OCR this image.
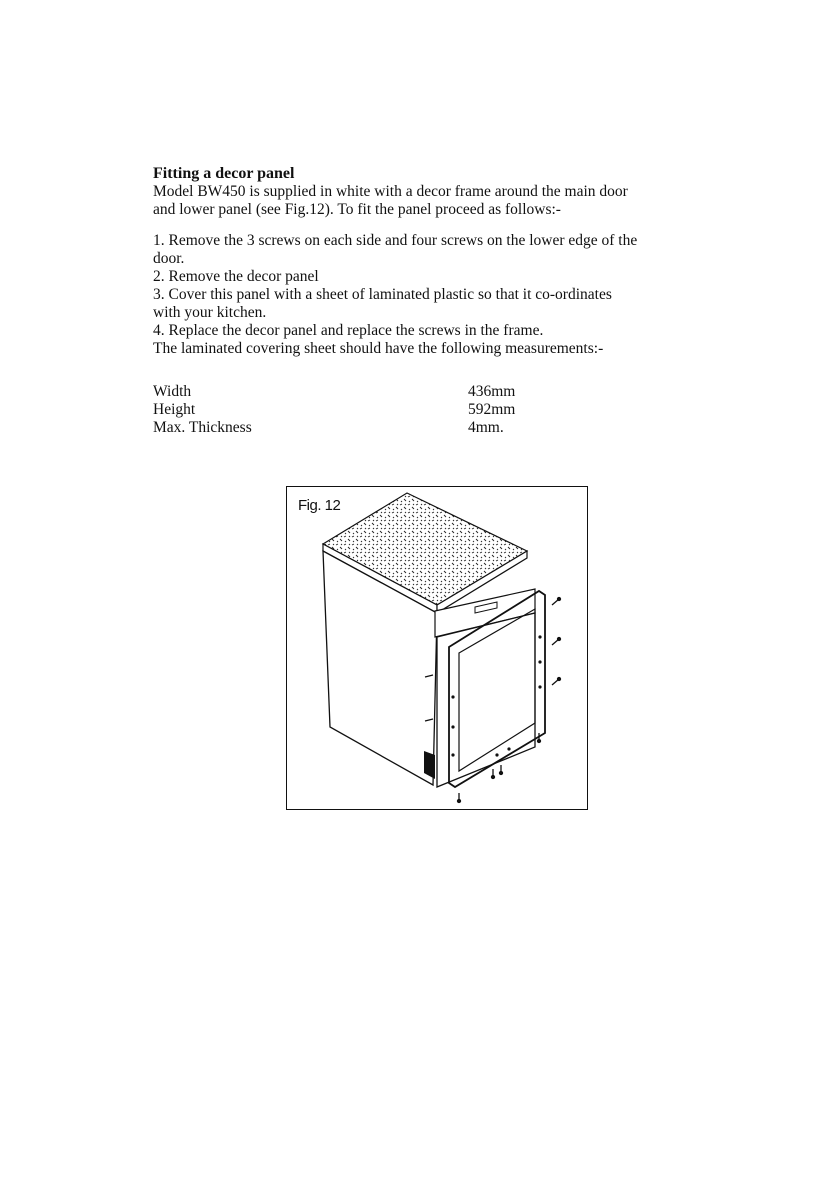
Fitting a decor panel
Model BW450 is supplied in white with a decor frame around the main door
and lower panel (see Fig.12). To fit the panel proceed as follows:-
1. Remove the 3 screws on each side and four screws on the lower edge of the
door.
2. Remove the decor panel
3. Cover this panel with a sheet of laminated plastic so that it co-ordinates
with your kitchen.
4. Replace the decor panel and replace the screws in the frame.
The laminated covering sheet should have the following measurements:-
Width	436mm
Height	592mm
Max. Thickness	4mm.
Fig. 12
